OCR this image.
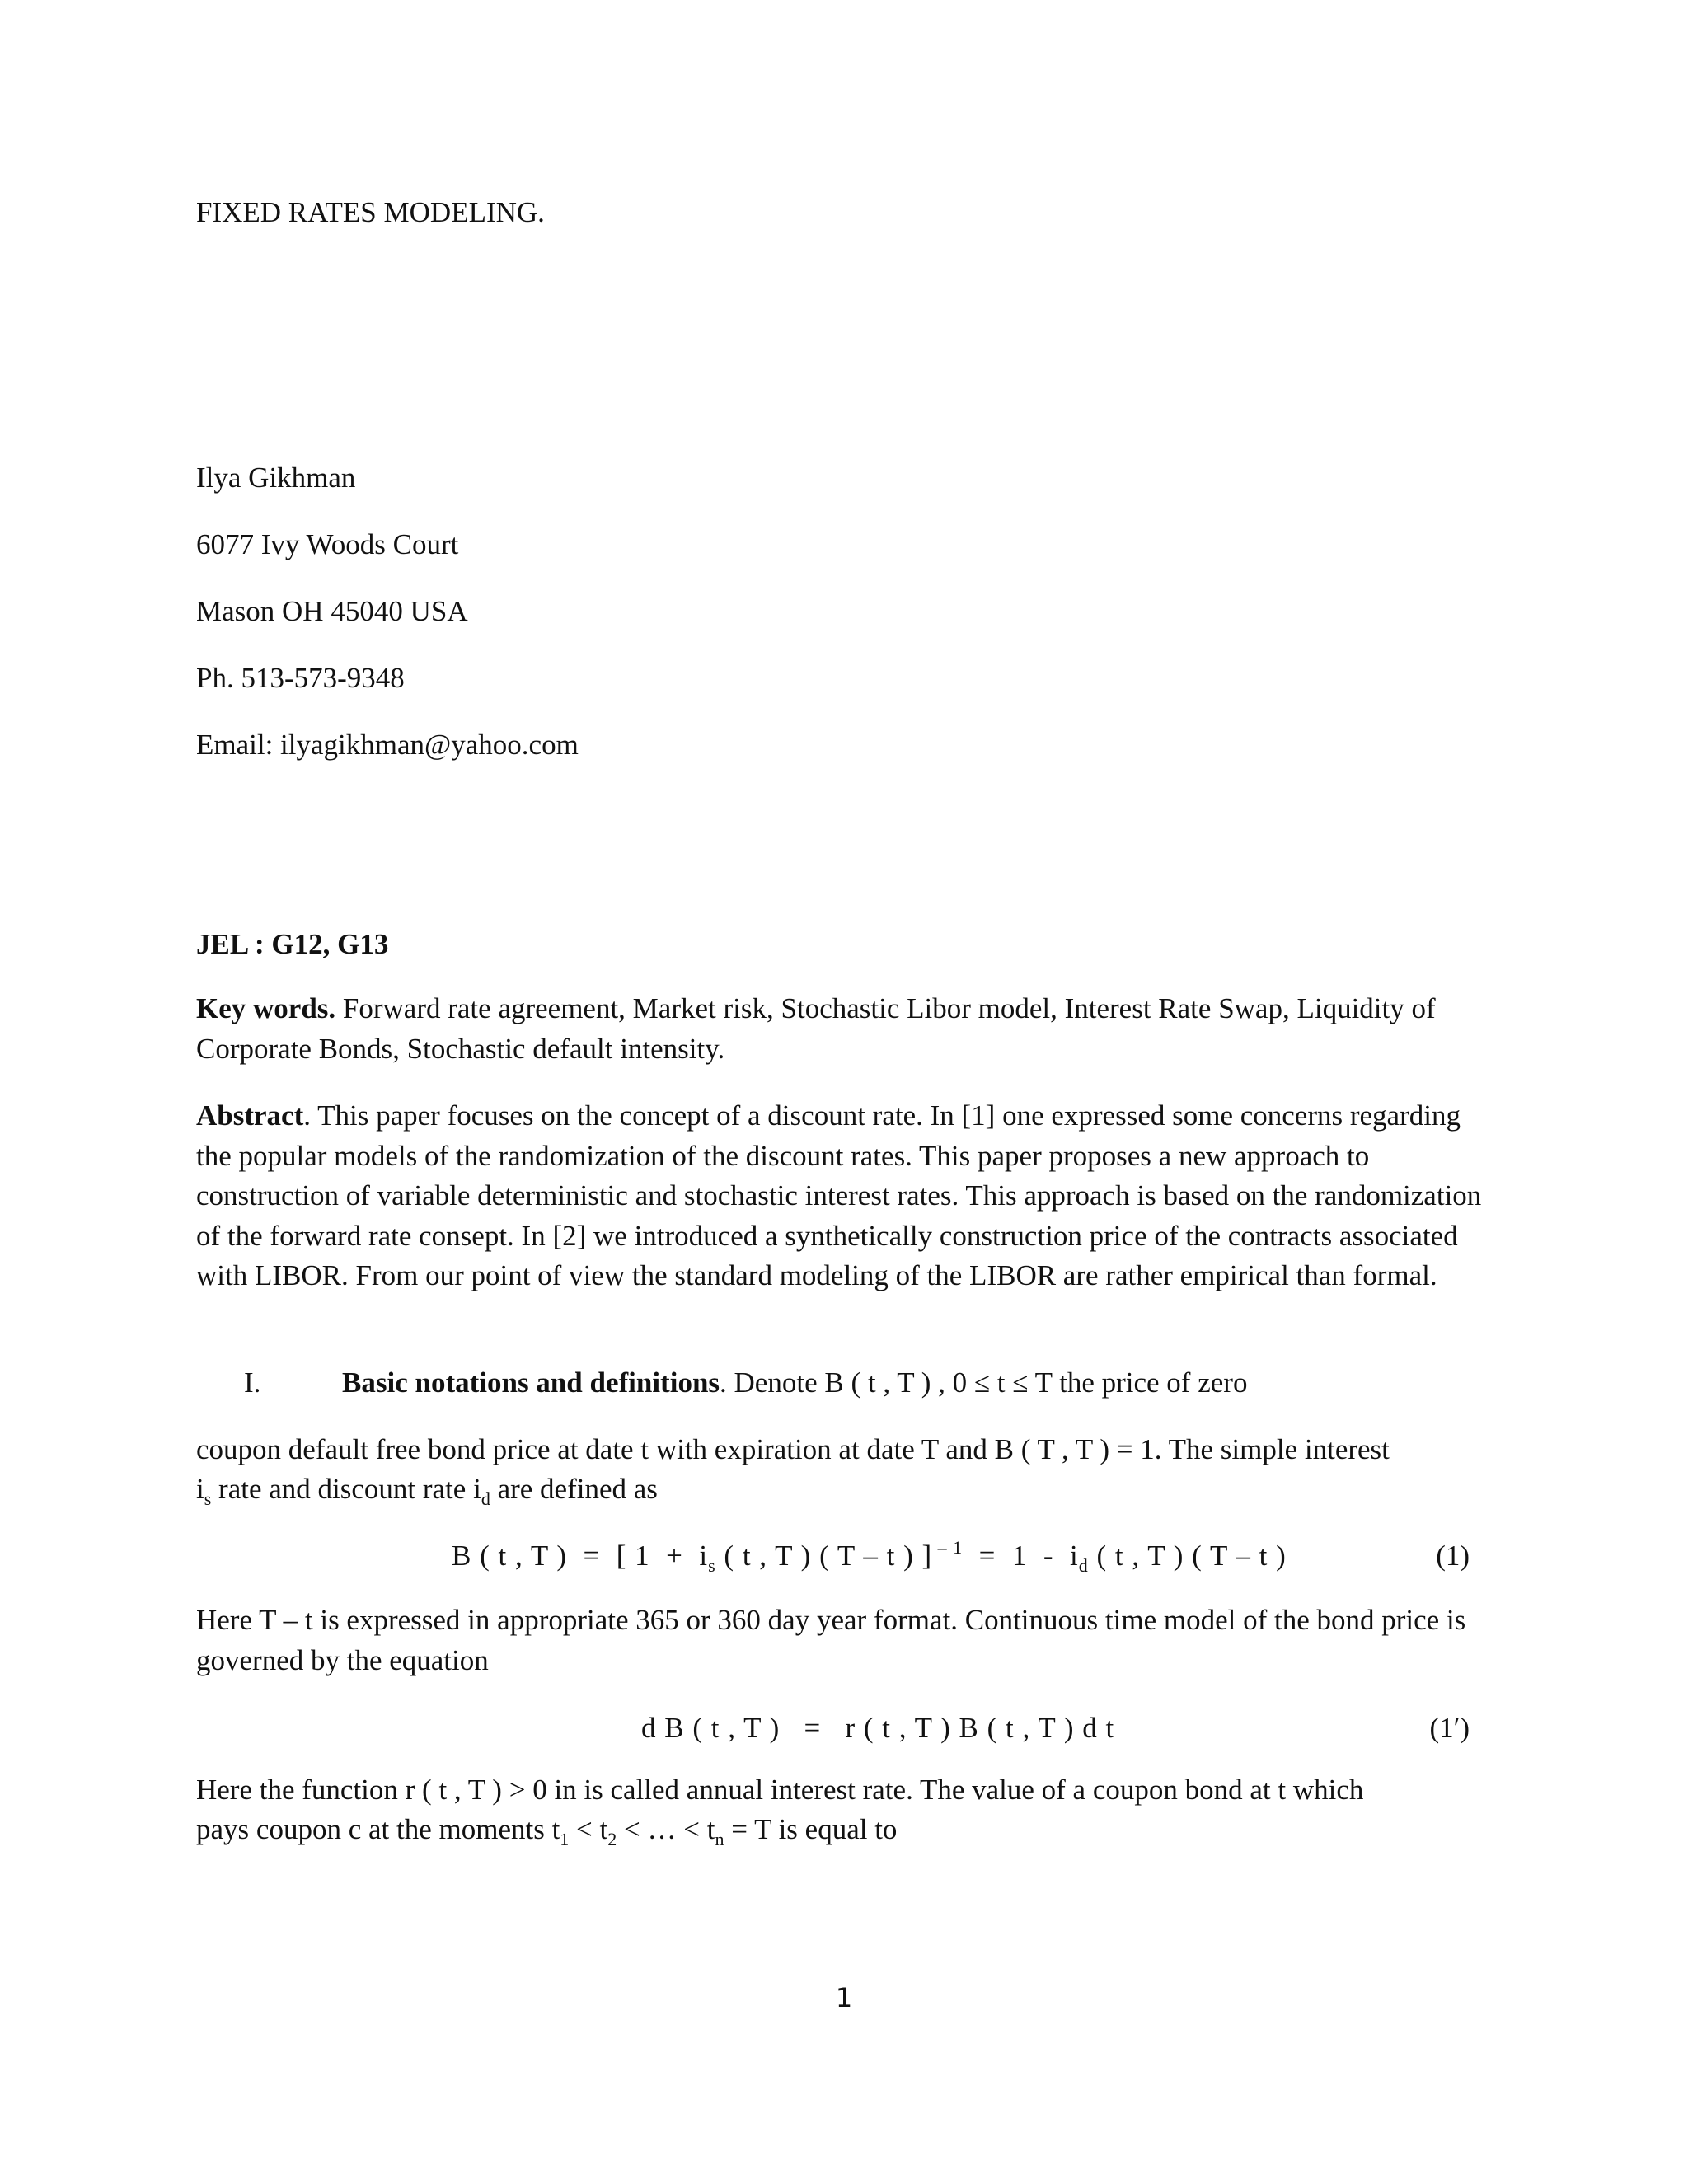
FIXED RATES MODELING.
Ilya Gikhman
6077 Ivy Woods Court
Mason OH 45040 USA
Ph. 513-573-9348
Email: ilyagikhman@yahoo.com
JEL : G12, G13
Key words. Forward rate agreement, Market risk, Stochastic Libor model, Interest Rate Swap, Liquidity of Corporate Bonds, Stochastic default intensity.
Abstract. This paper focuses on the concept of a discount rate. In [1] one expressed some concerns regarding the popular models of the randomization of the discount rates. This paper proposes a new approach to construction of variable deterministic and stochastic interest rates. This approach is based on the randomization of the forward rate consept. In [2] we introduced a synthetically construction price of the contracts associated with LIBOR. From our point of view the standard modeling of the LIBOR are rather empirical than formal.
I.	Basic notations and definitions. Denote B ( t , T ) , 0 ≤ t ≤ T the price of zero
coupon default free bond price at date t with expiration at date T and B ( T , T ) = 1. The simple interest
$i_s$ rate and discount rate $i_d$ are defined as
B ( t , T )  =  [ $1 + i_s$ ( t , T ) ( T – t ) ] $^{- 1} = 1 - i_d$ ( t , T ) ( T – t )	(1)
Here T – t is expressed in appropriate 365 or 360 day year format. Continuous time model of the bond price is governed by the equation
d B ( t , T )   =   r ( t , T ) B ( t , T ) d t	(1′)
Here the function r ( t , T ) > 0 in is called annual interest rate. The value of a coupon bond at t which
pays coupon c at the moments $t_1 < t_2$ < … < $t_n = T$ is equal to
1
